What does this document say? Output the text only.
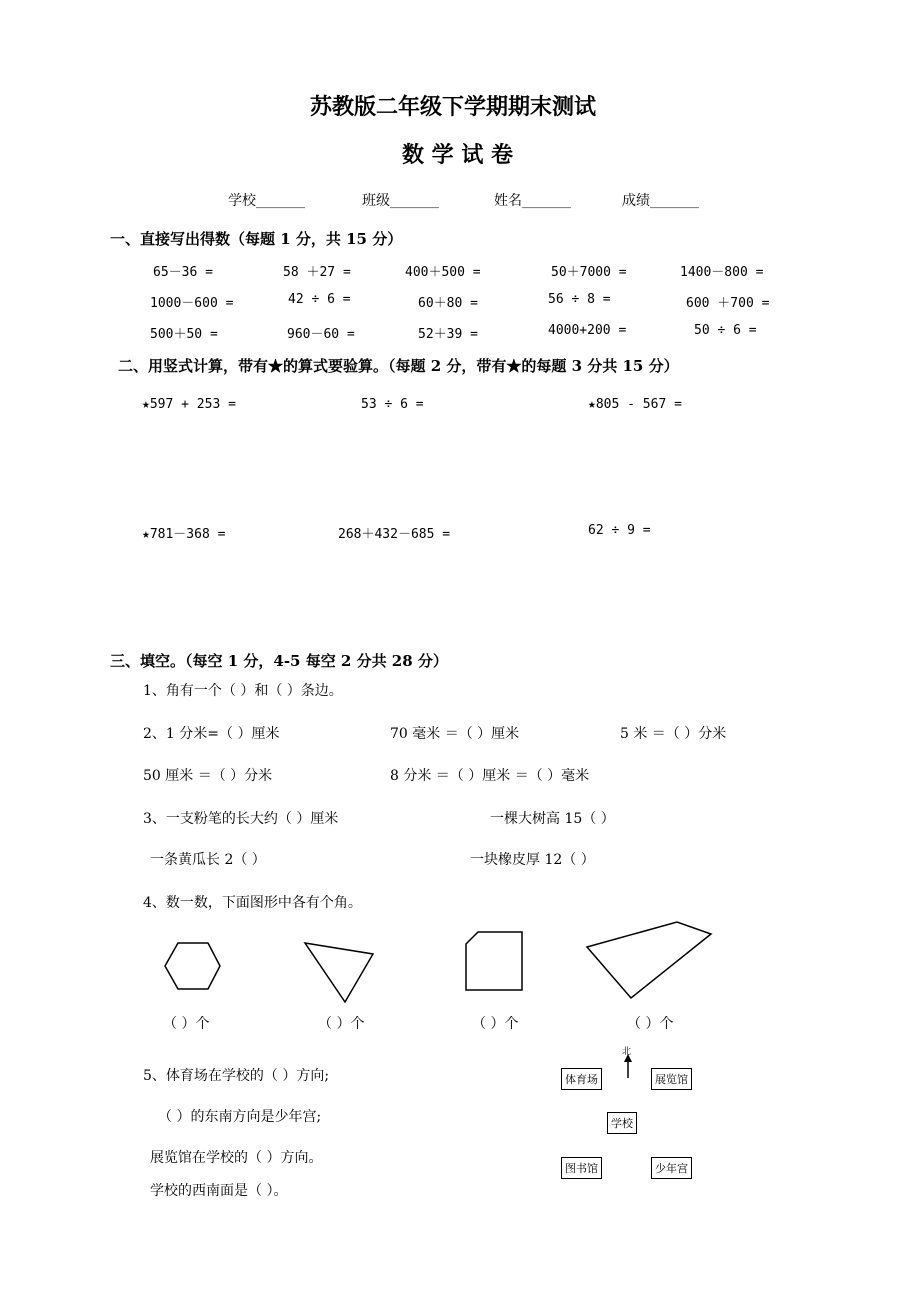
苏教版二年级下学期期末测试
数 学 试 卷
学校_______	班级_______	姓名_______	成绩_______
一、直接写出得数（每题 1 分，共 15 分）
65－36 =	58 ＋27 =	400＋500 =	50＋7000 =	1400－800 =
1000－600 =	42 ÷ 6 =	60＋80 =	56 ÷ 8 =	600 ＋700 =
500＋50 =	960－60 =	52＋39 =	4000+200 =	50 ÷ 6 =
二、用竖式计算，带有★的算式要验算。（每题 2 分，带有★的每题 3 分共 15 分）
★597 + 253 =	53 ÷ 6 =	★805 - 567 =
★781－368 =	268＋432－685 =	62 ÷ 9 =
三、填空。（每空 1 分，4-5 每空 2 分共 28 分）
1、角有一个（ ）和（ ）条边。
2、1 分米=（ ）厘米	70 毫米 ＝（ ）厘米	5 米 ＝（ ）分米
50 厘米 ＝（ ）分米	8 分米 ＝（ ）厘米 ＝（ ）毫米
3、一支粉笔的长大约（ ）厘米	一棵大树高 15（ ）
一条黄瓜长 2（ ）	一块橡皮厚 12（ ）
4、数一数，下面图形中各有个角。
（ ）个	（ ）个	（ ）个	（ ）个
5、体育场在学校的（ ）方向;
（ ）的东南方向是少年宫;
展览馆在学校的（ ）方向。
学校的西南面是（ ）。
北
体育场	展览馆
学校
图书馆	少年宫
